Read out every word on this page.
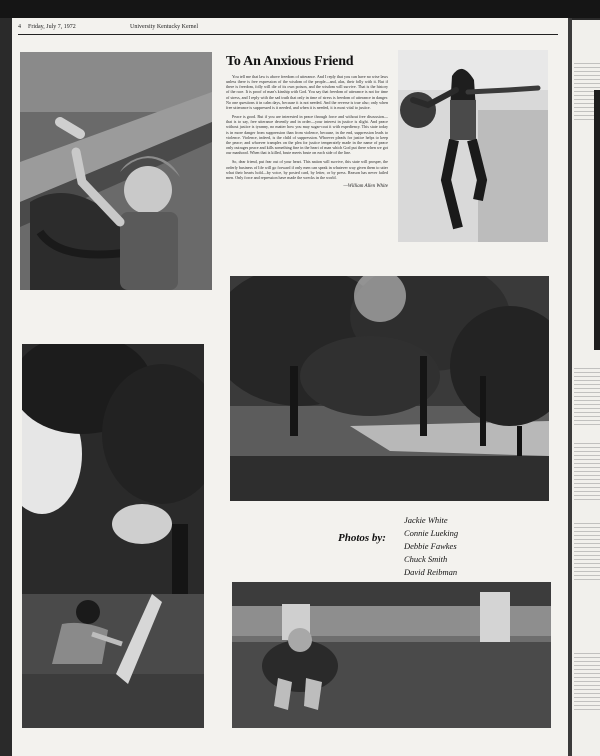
4 Friday, July 7, 1972	University Kentucky Kernel
To An Anxious Friend

You tell me that law is above freedom of utterance. And I reply that you can have no wise laws unless there is free expression of the wisdom of the people—and, alas, their folly with it. But if there is freedom, folly will die of its own poison, and the wisdom will survive. That is the history of the race. It is proof of man's kinship with God. You say that freedom of utterance is not for time of stress, and I reply with the sad truth that only in time of stress is freedom of utterance in danger. No one questions it in calm days, because it is not needed. And the reverse is true also; only when free utterance is suppressed is it needed, and when it is needed, it is most vital to justice.

Peace is good. But if you are interested in peace through force and without free discussion—that is to say, free utterance decently and in order—your interest in justice is slight. And peace without justice is tyranny, no matter how you may sugar-coat it with expediency. This state today is in more danger from suppression than from violence, because, in the end, suppression leads to violence. Violence, indeed, is the child of suppression. Whoever pleads for justice helps to keep the peace; and whoever tramples on the plea for justice temperately made in the name of peace only outrages peace and kills something fine in the heart of man which God put there when we got our manhood. When that is killed, brute meets brute on each side of the line.

So, dear friend, put fear out of your heart. This nation will survive, this state will prosper, the orderly business of life will go forward if only men can speak in whatever way given them to utter what their hearts hold—by voice, by posted card, by letter, or by press. Reason has never failed men. Only force and repression have made the wrecks in the world.

—William Allen White

Photos by:
Jackie White
Connie Lueking
Debbie Fawkes
Chuck Smith
David Reibman
